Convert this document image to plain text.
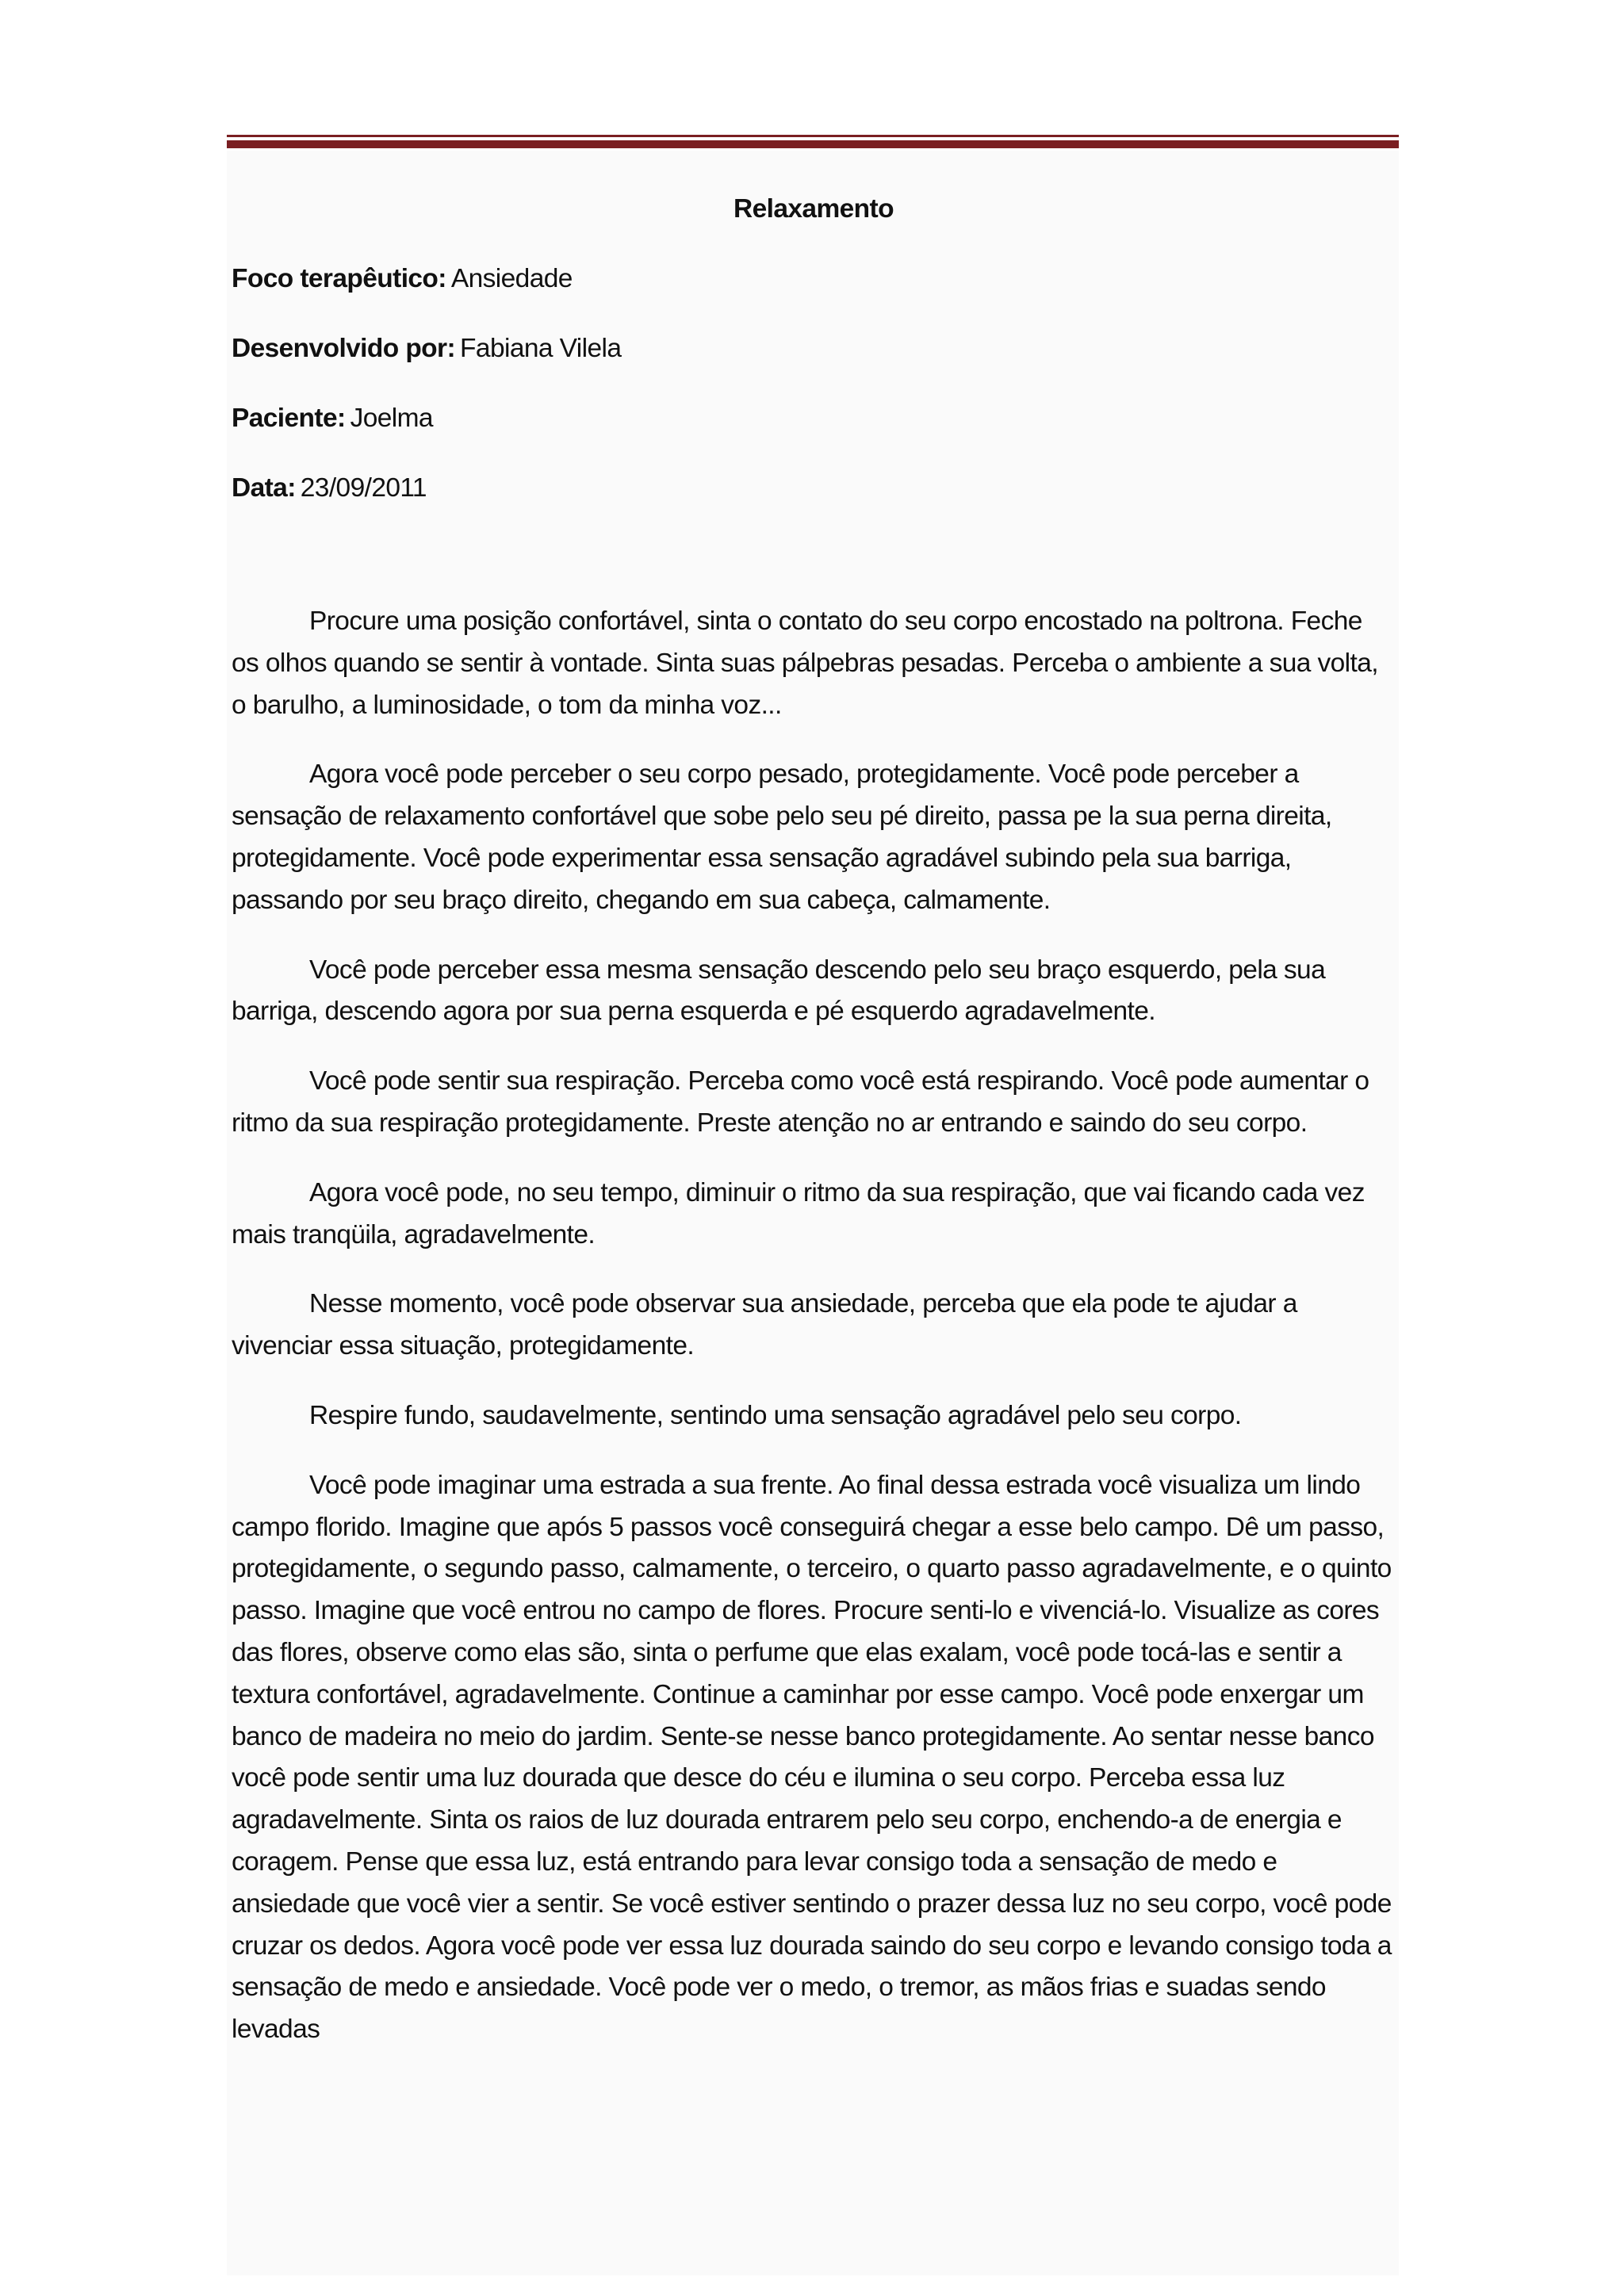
Relaxamento
Foco terapêutico: Ansiedade
Desenvolvido por: Fabiana Vilela
Paciente: Joelma
Data: 23/09/2011

Procure uma posição confortável, sinta o contato do seu corpo encostado na poltrona. Feche os olhos quando se sentir à vontade. Sinta suas pálpebras pesadas. Perceba o ambiente a sua volta, o barulho, a luminosidade, o tom da minha voz...

Agora você pode perceber o seu corpo pesado, protegidamente. Você pode perceber a sensação de relaxamento confortável que sobe pelo seu pé direito, passa pe la sua perna direita, protegidamente. Você pode experimentar essa sensação agradável subindo pela sua barriga, passando por seu braço direito, chegando em sua cabeça, calmamente.

Você pode perceber essa mesma sensação descendo pelo seu braço esquerdo, pela sua barriga, descendo agora por sua perna esquerda e pé esquerdo agradavelmente.

Você pode sentir sua respiração. Perceba como você está respirando. Você pode aumentar o ritmo da sua respiração protegidamente. Preste atenção no ar entrando e saindo do seu corpo.

Agora você pode, no seu tempo, diminuir o ritmo da sua respiração, que vai ficando cada vez mais tranqüila, agradavelmente.

Nesse momento, você pode observar sua ansiedade, perceba que ela pode te ajudar a vivenciar essa situação, protegidamente.

Respire fundo, saudavelmente, sentindo uma sensação agradável pelo seu corpo.

Você pode imaginar uma estrada a sua frente. Ao final dessa estrada você visualiza um lindo campo florido. Imagine que após 5 passos você conseguirá chegar a esse belo campo. Dê um passo, protegidamente, o segundo passo, calmamente, o terceiro, o quarto passo agradavelmente, e o quinto passo. Imagine que você entrou no campo de flores. Procure senti-lo e vivenciá-lo. Visualize as cores das flores, observe como elas são, sinta o perfume que elas exalam, você pode tocá-las e sentir a textura confortável, agradavelmente. Continue a caminhar por esse campo. Você pode enxergar um banco de madeira no meio do jardim. Sente-se nesse banco protegidamente. Ao sentar nesse banco você pode sentir uma luz dourada que desce do céu e ilumina o seu corpo. Perceba essa luz agradavelmente. Sinta os raios de luz dourada entrarem pelo seu corpo, enchendo-a de energia e coragem. Pense que essa luz, está entrando para levar consigo toda a sensação de medo e ansiedade que você vier a sentir. Se você estiver sentindo o prazer dessa luz no seu corpo, você pode cruzar os dedos. Agora você pode ver essa luz dourada saindo do seu corpo e levando consigo toda a sensação de medo e ansiedade. Você pode ver o medo, o tremor, as mãos frias e suadas sendo levadas
